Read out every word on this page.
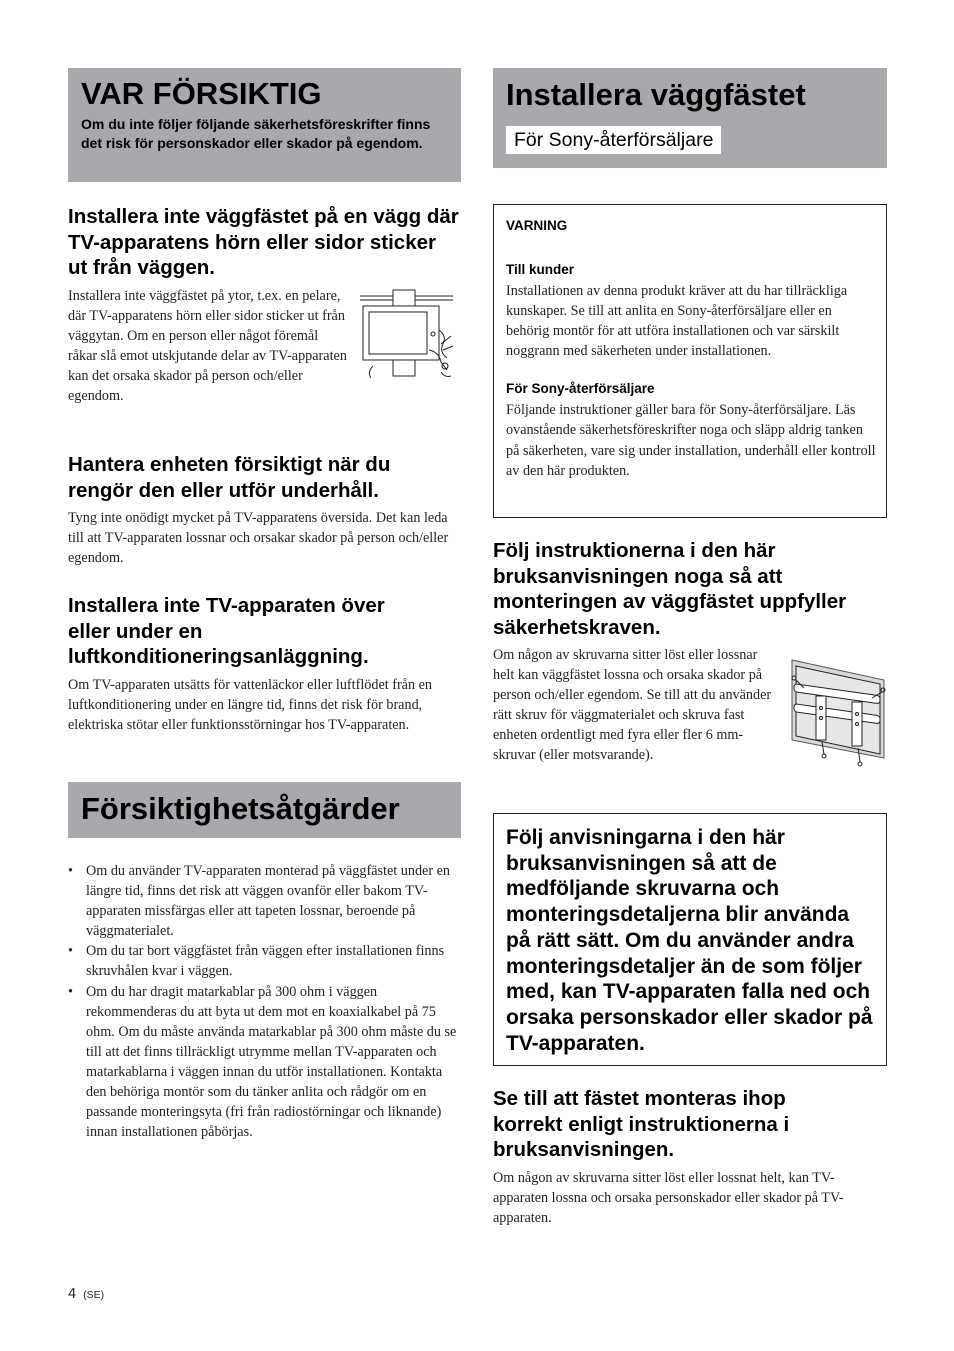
VAR FÖRSIKTIG

Om du inte följer följande säkerhetsföreskrifter finns det risk för personskador eller skador på egendom.

Installera inte väggfästet på en vägg där TV-apparatens hörn eller sidor sticker ut från väggen.

Installera inte väggfästet på ytor, t.ex. en pelare, där TV-apparatens hörn eller sidor sticker ut från väggytan. Om en person eller något föremål råkar slå emot utskjutande delar av TV-apparaten kan det orsaka skador på person och/eller egendom.

Hantera enheten försiktigt när du rengör den eller utför underhåll.

Tyng inte onödigt mycket på TV-apparatens översida. Det kan leda till att TV-apparaten lossnar och orsakar skador på person och/eller egendom.

Installera inte TV-apparaten över eller under en luftkonditioneringsanläggning.

Om TV-apparaten utsätts för vattenläckor eller luftflödet från en luftkonditionering under en längre tid, finns det risk för brand, elektriska stötar eller funktionsstörningar hos TV-apparaten.

Försiktighetsåtgärder
• Om du använder TV-apparaten monterad på väggfästet under en längre tid, finns det risk att väggen ovanför eller bakom TV-apparaten missfärgas eller att tapeten lossnar, beroende på väggmaterialet.
• Om du tar bort väggfästet från väggen efter installationen finns skruvhålen kvar i väggen.
• Om du har dragit matarkablar på 300 ohm i väggen rekommenderas du att byta ut dem mot en koaxialkabel på 75 ohm. Om du måste använda matarkablar på 300 ohm måste du se till att det finns tillräckligt utrymme mellan TV-apparaten och matarkablarna i väggen innan du utför installationen. Kontakta den behöriga montör som du tänker anlita och rådgör om en passande monteringsyta (fri från radiostörningar och liknande) innan installationen påbörjas.
Installera väggfästet
För Sony-återförsäljare

VARNING

Till kunder

Installationen av denna produkt kräver att du har tillräckliga kunskaper. Se till att anlita en Sony-återförsäljare eller en behörig montör för att utföra installationen och var särskilt noggrann med säkerheten under installationen.

För Sony-återförsäljare

Följande instruktioner gäller bara för Sony-återförsäljare. Läs ovanstående säkerhetsföreskrifter noga och släpp aldrig tanken på säkerheten, vare sig under installation, underhåll eller kontroll av den här produkten.

Följ instruktionerna i den här bruksanvisningen noga så att monteringen av väggfästet uppfyller säkerhetskraven.

Om någon av skruvarna sitter löst eller lossnar helt kan väggfästet lossna och orsaka skador på person och/eller egendom. Se till att du använder rätt skruv för väggmaterialet och skruva fast enheten ordentligt med fyra eller fler 6 mm-skruvar (eller motsvarande).

Följ anvisningarna i den här bruksanvisningen så att de medföljande skruvarna och monteringsdetaljerna blir använda på rätt sätt. Om du använder andra monteringsdetaljer än de som följer med, kan TV-apparaten falla ned och orsaka personskador eller skador på TV-apparaten.

Se till att fästet monteras ihop korrekt enligt instruktionerna i bruksanvisningen.

Om någon av skruvarna sitter löst eller lossnat helt, kan TV-apparaten lossna och orsaka personskador eller skador på TV-apparaten.

4 (SE)
